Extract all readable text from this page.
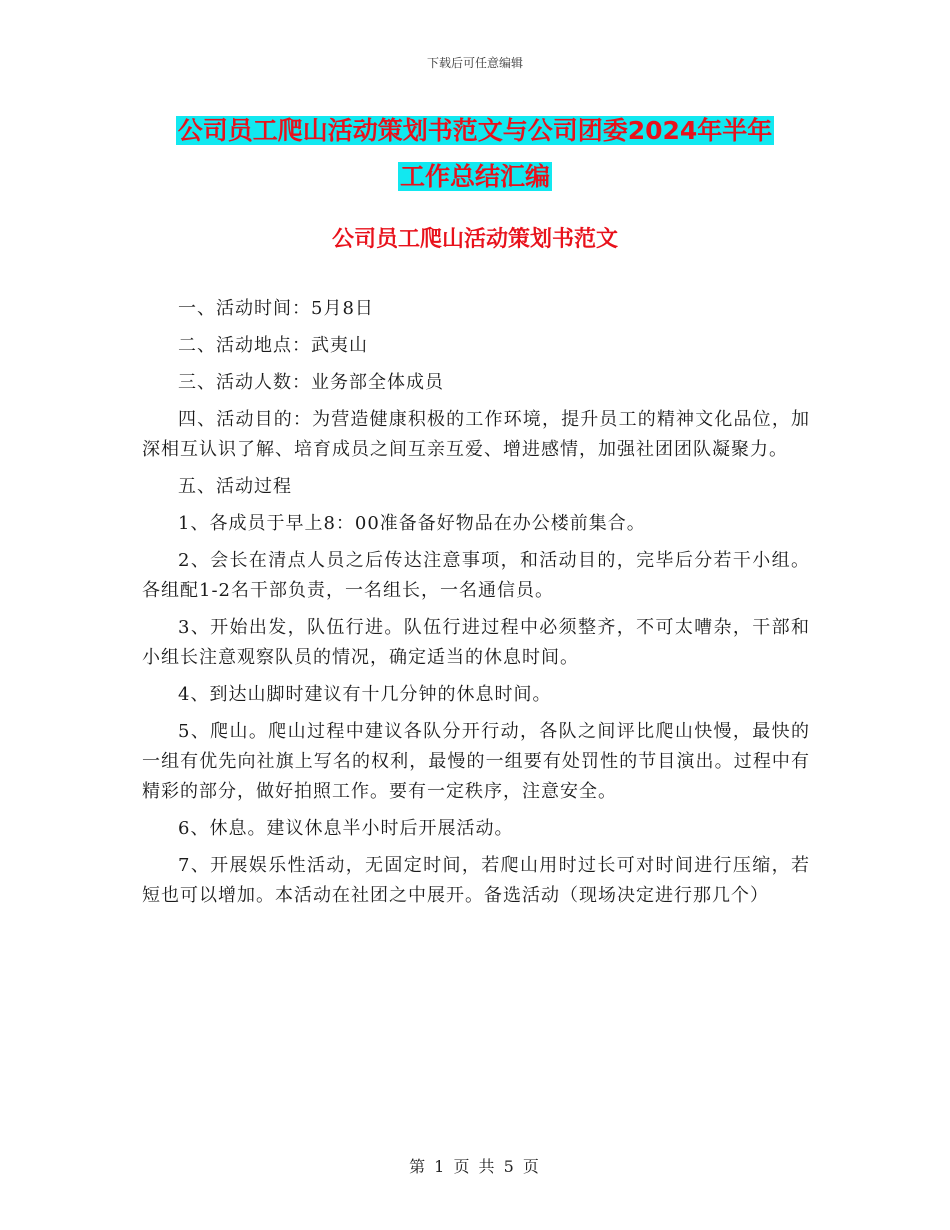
下载后可任意编辑
公司员工爬山活动策划书范文与公司团委2024年半年
工作总结汇编
公司员工爬山活动策划书范文

一、活动时间：5月8日

二、活动地点：武夷山

三、活动人数：业务部全体成员

四、活动目的：为营造健康积极的工作环境，提升员工的精神文化品位，加深相互认识了解、培育成员之间互亲互爱、增进感情，加强社团团队凝聚力。

五、活动过程

1、各成员于早上8：00准备备好物品在办公楼前集合。

2、会长在清点人员之后传达注意事项，和活动目的，完毕后分若干小组。各组配1-2名干部负责，一名组长，一名通信员。

3、开始出发，队伍行进。队伍行进过程中必须整齐，不可太嘈杂，干部和小组长注意观察队员的情况，确定适当的休息时间。

4、到达山脚时建议有十几分钟的休息时间。

5、爬山。爬山过程中建议各队分开行动，各队之间评比爬山快慢，最快的一组有优先向社旗上写名的权利，最慢的一组要有处罚性的节目演出。过程中有精彩的部分，做好拍照工作。要有一定秩序，注意安全。

6、休息。建议休息半小时后开展活动。

7、开展娱乐性活动，无固定时间，若爬山用时过长可对时间进行压缩，若短也可以增加。本活动在社团之中展开。备选活动（现场决定进行那几个）

第 1 页 共 5 页
